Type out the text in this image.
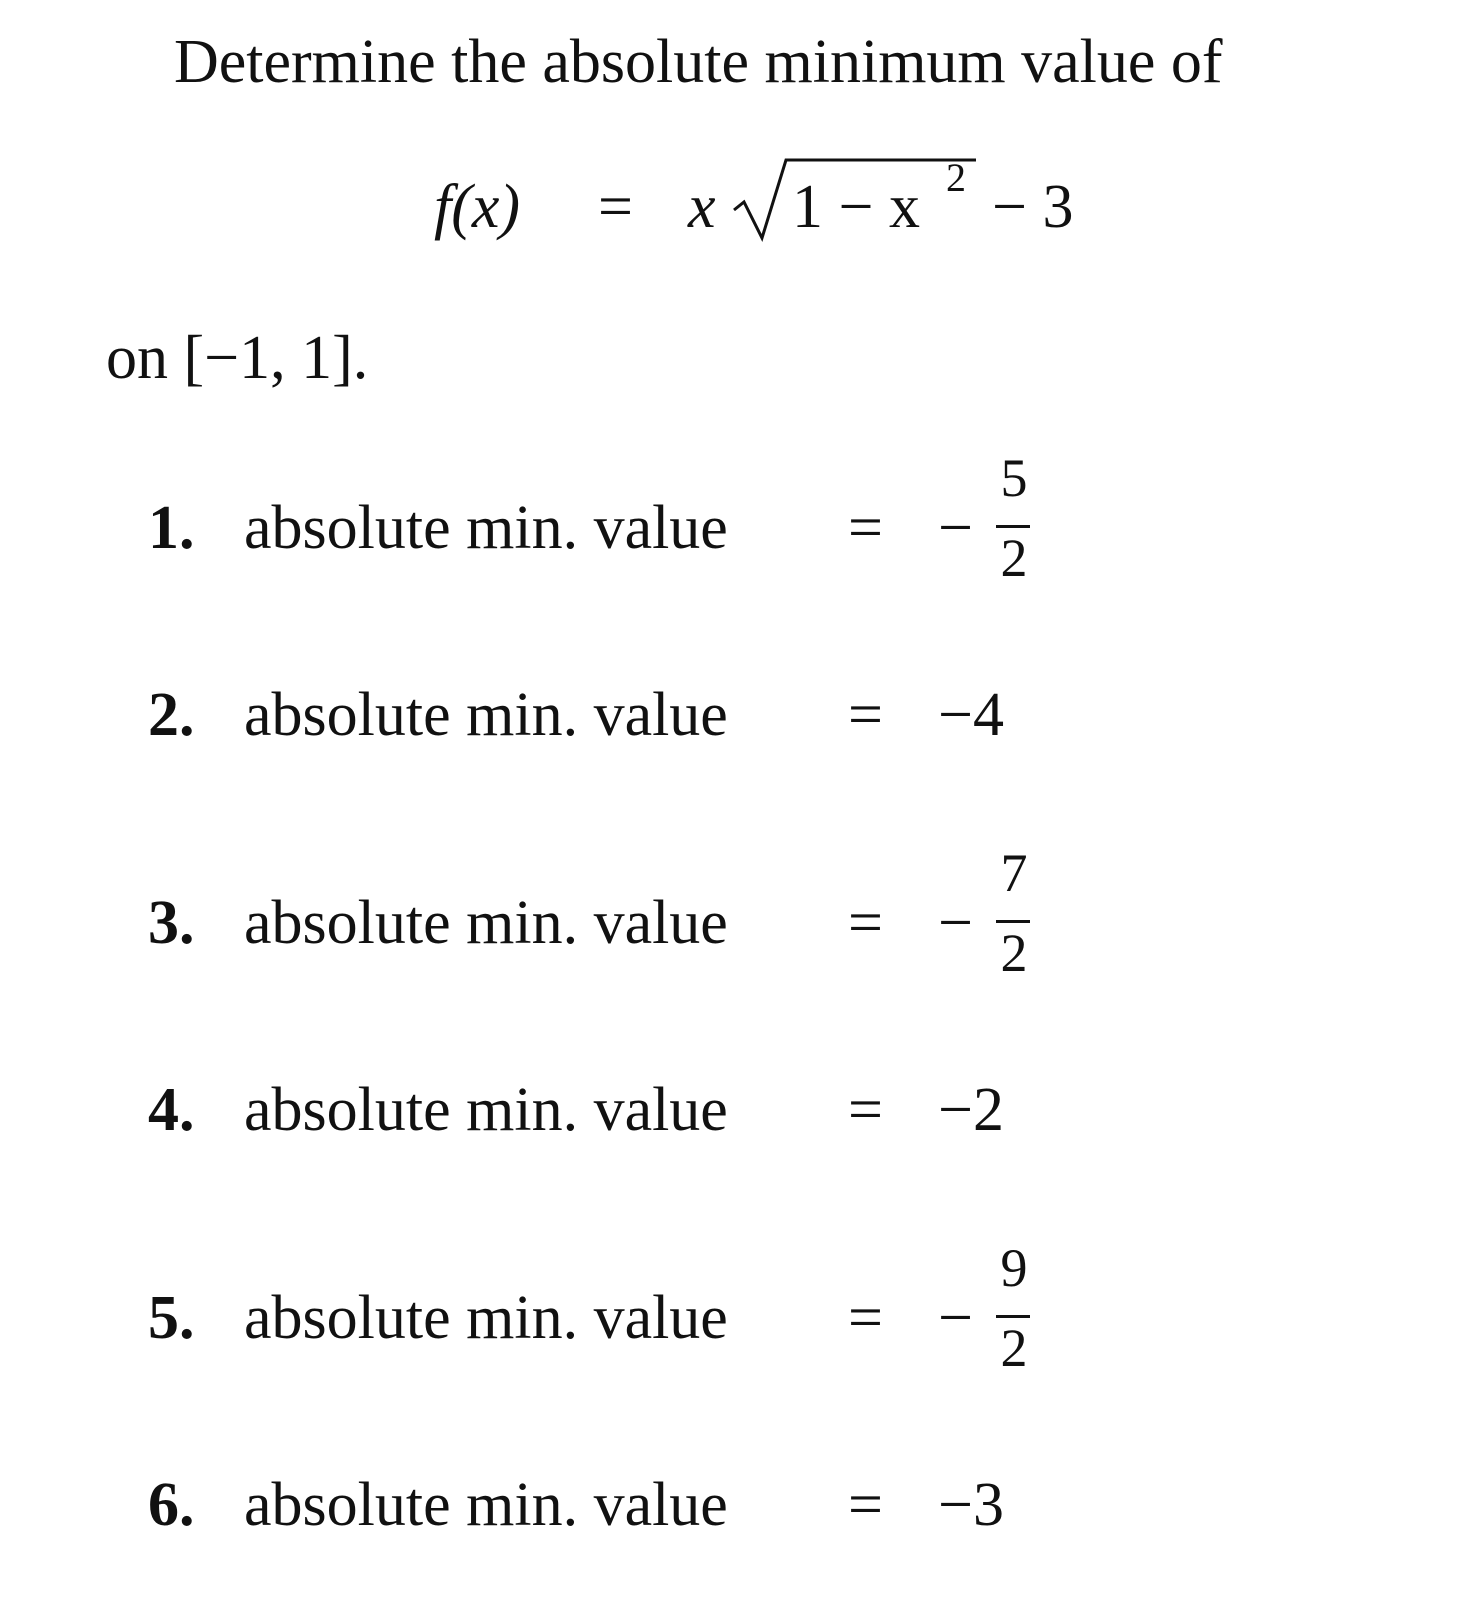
Determine the absolute minimum value of
f(x) = x 1 − x 2 − 3
on [−1, 1].
1. absolute min. value = −
5
2
2. absolute min. value = −4
3. absolute min. value = −
7
2
4. absolute min. value = −2
5. absolute min. value = −
9
2
6. absolute min. value = −3
